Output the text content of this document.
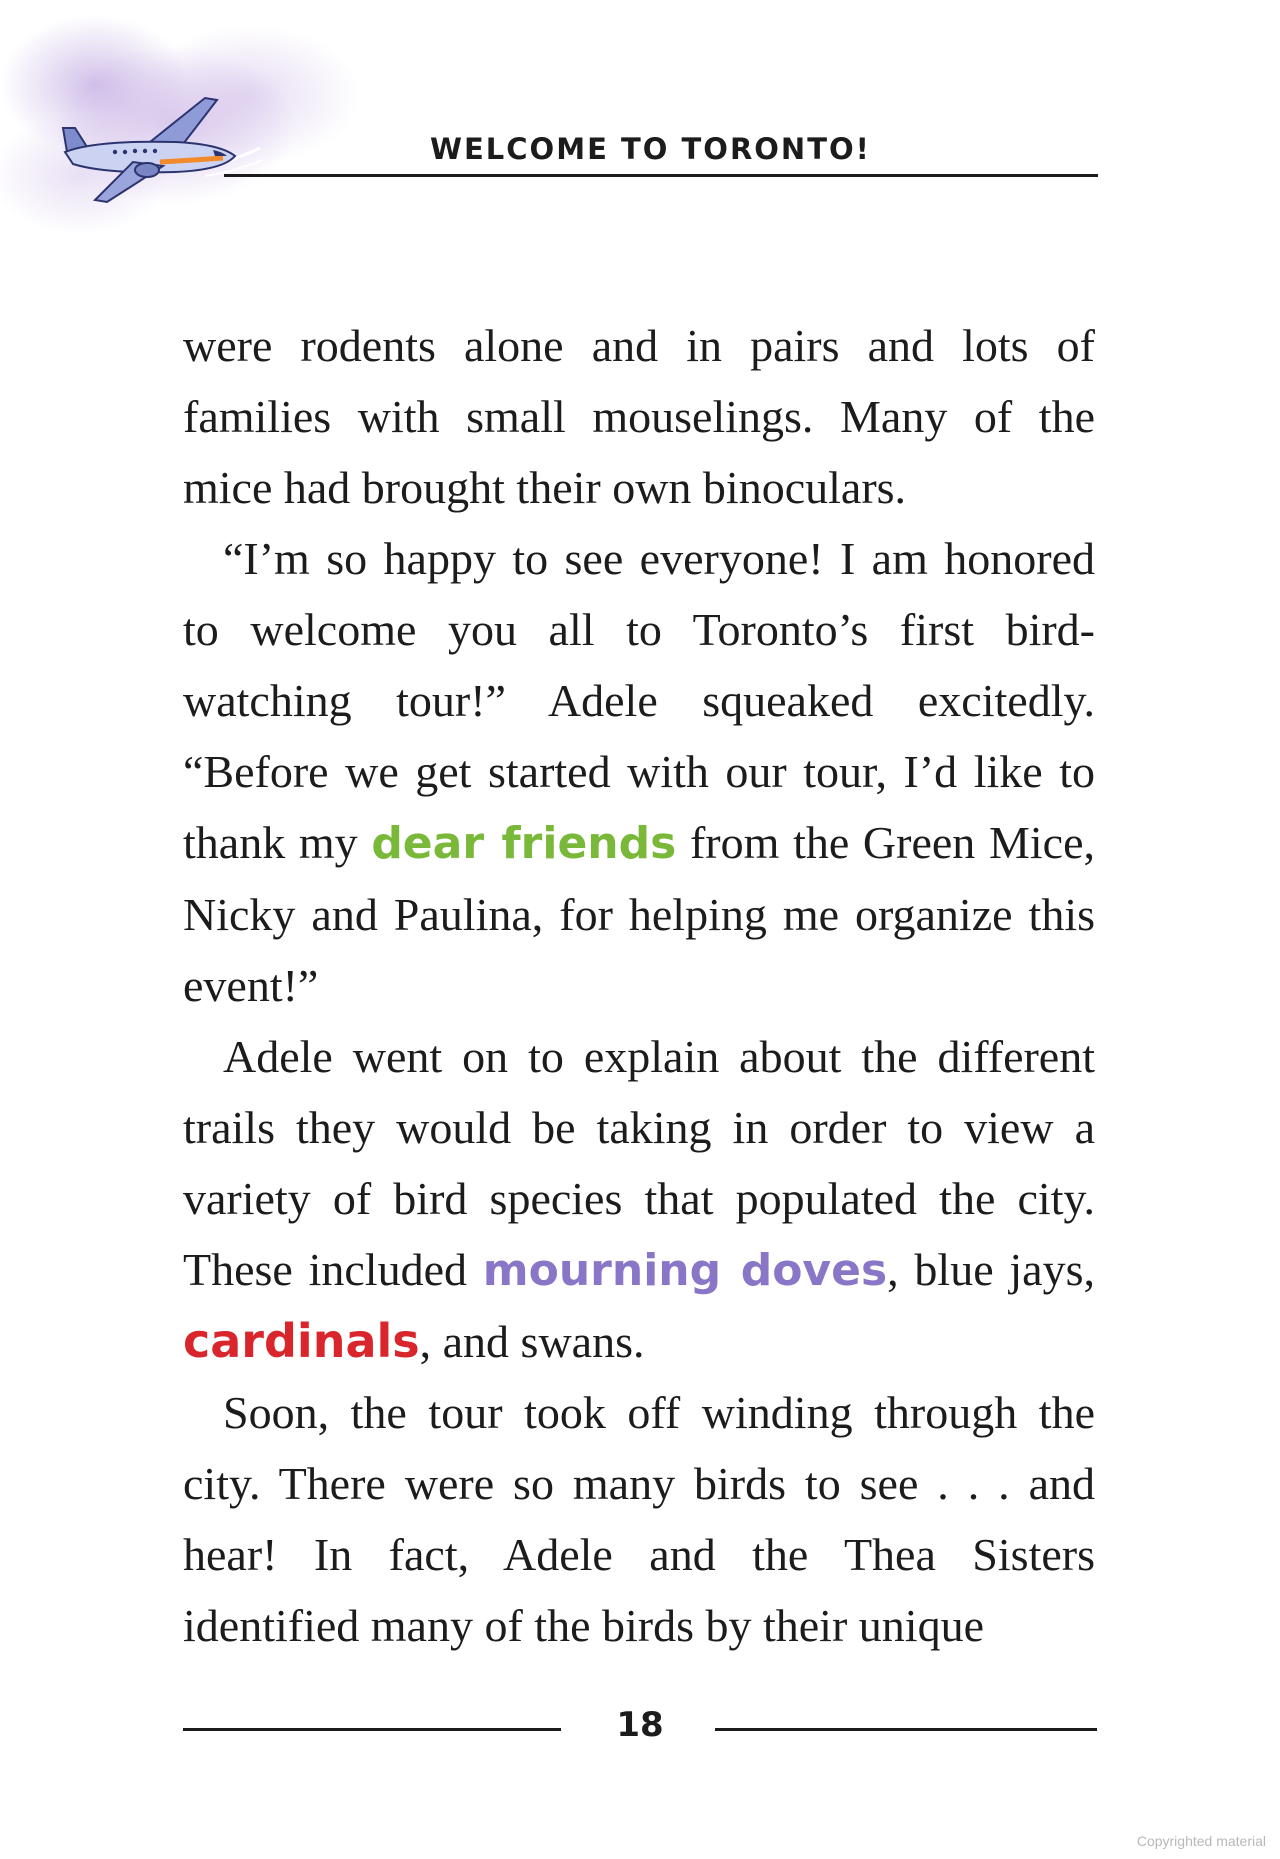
WELCOME TO TORONTO!

were rodents alone and in pairs and lots of families with small mouselings. Many of the mice had brought their own binoculars.

“I’m so happy to see everyone! I am honored to welcome you all to Toronto’s first bird-watching tour!” Adele squeaked excitedly. “Before we get started with our tour, I’d like to thank my dear friends from the Green Mice, Nicky and Paulina, for helping me organize this event!”

Adele went on to explain about the different trails they would be taking in order to view a variety of bird species that populated the city. These included mourning doves, blue jays, cardinals, and swans.

Soon, the tour took off winding through the city. There were so many birds to see . . . and hear! In fact, Adele and the Thea Sisters identified many of the birds by their unique

18
Copyrighted material
